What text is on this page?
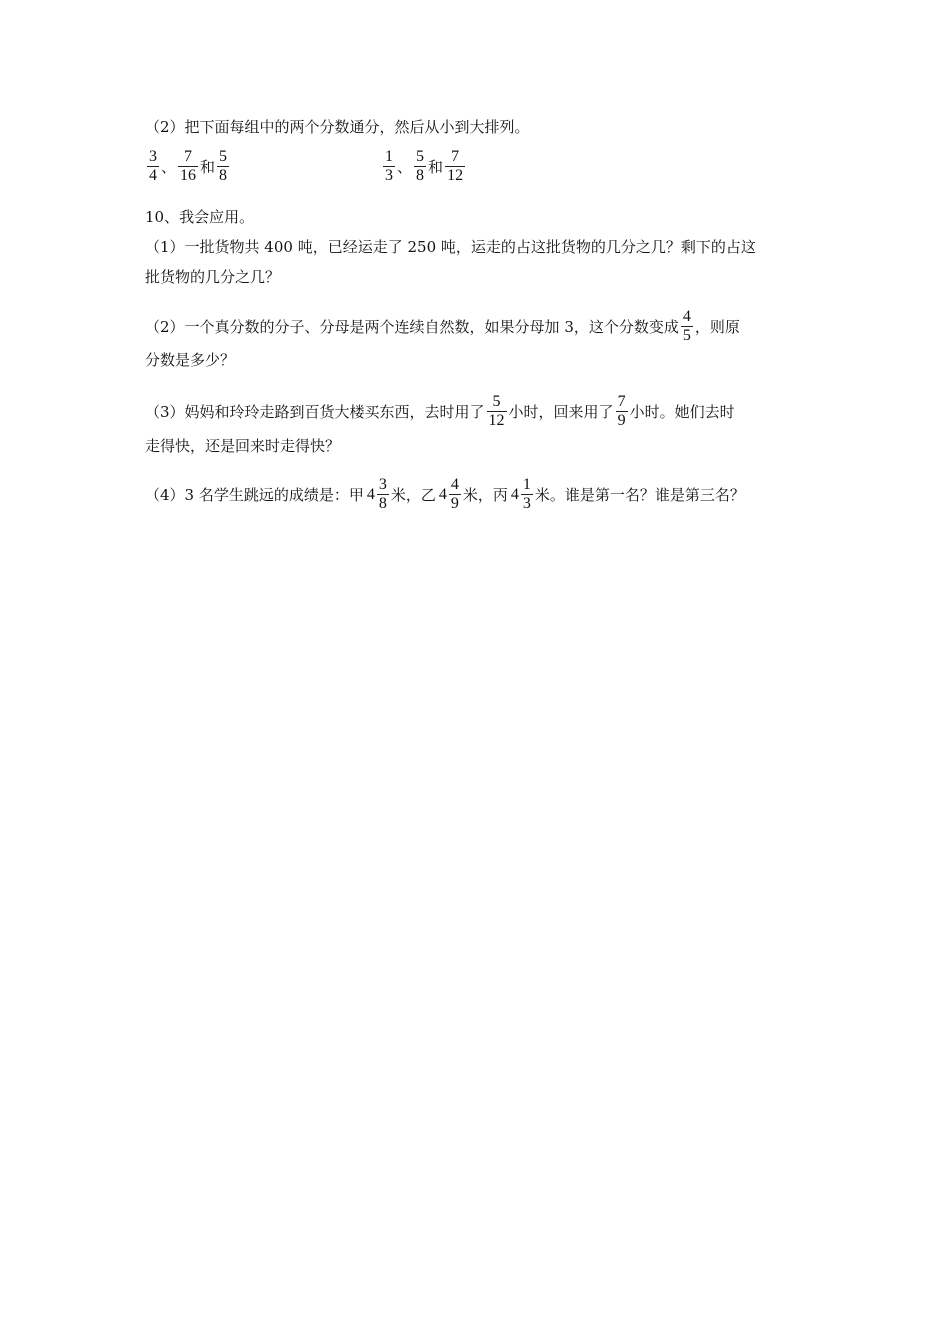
（2）把下面每组中的两个分数通分，然后从小到大排列。
$\frac{3}{4}$ 、 $\frac{7}{16}$ 和 $\frac{5}{8}$	$\frac{1}{3}$ 、 $\frac{5}{8}$ 和 $\frac{7}{12}$
10、我会应用。
（1）一批货物共 400 吨，已经运走了 250 吨，运走的占这批货物的几分之几？剩下的占这
批货物的几分之几？
（2）一个真分数的分子、分母是两个连续自然数，如果分母加 3，这个分数变成 $\frac{4}{5}$ ，则原
分数是多少？
（3）妈妈和玲玲走路到百货大楼买东西，去时用了 $\frac{5}{12}$ 小时，回来用了 $\frac{7}{9}$ 小时。她们去时
走得快，还是回来时走得快？
（4）3 名学生跳远的成绩是：甲 $4 \frac{3}{8}$ 米，乙 $4 \frac{4}{9}$ 米，丙 $4 \frac{1}{3}$ 米。谁是第一名？谁是第三名？
